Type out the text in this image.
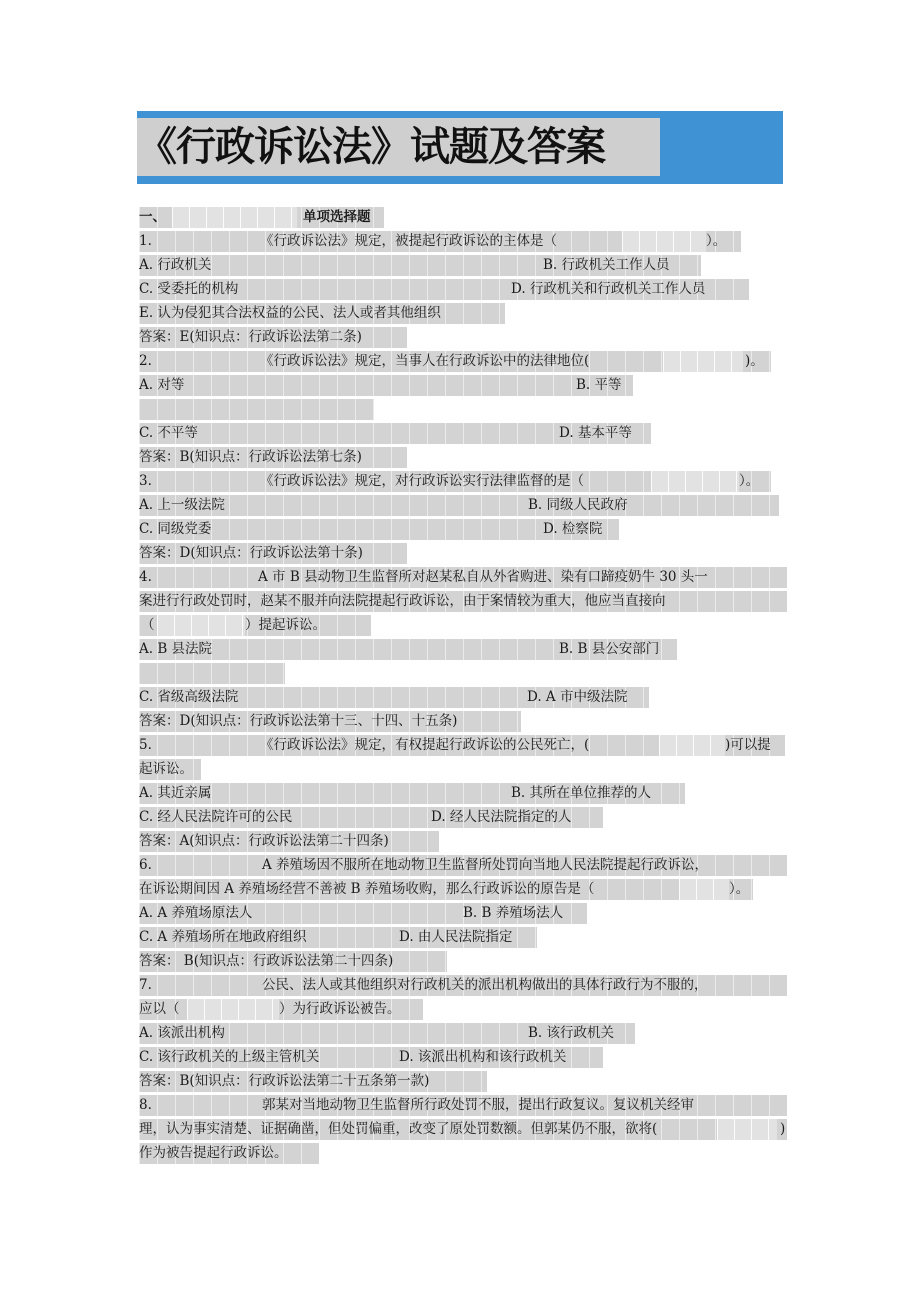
《行政诉讼法》试题及答案
一、	单项选择题
1.	《行政诉讼法》规定，被提起行政诉讼的主体是（	）。
A. 行政机关	B. 行政机关工作人员
C. 受委托的机构	D. 行政机关和行政机关工作人员
E. 认为侵犯其合法权益的公民、法人或者其他组织
答案：E(知识点：行政诉讼法第二条)
2.	《行政诉讼法》规定，当事人在行政诉讼中的法律地位(	)。
A. 对等	B. 平等
C. 不平等	D. 基本平等
答案：B(知识点：行政诉讼法第七条)
3.	《行政诉讼法》规定，对行政诉讼实行法律监督的是（	）。
A. 上一级法院	B. 同级人民政府
C. 同级党委	D. 检察院
答案：D(知识点：行政诉讼法第十条)
4.	A 市 B 县动物卫生监督所对赵某私自从外省购进、染有口蹄疫奶牛 30 头一
案进行行政处罚时，赵某不服并向法院提起行政诉讼，由于案情较为重大，他应当直接向
（	）提起诉讼。
A. B 县法院	B. B 县公安部门
C. 省级高级法院	D. A 市中级法院
答案：D(知识点：行政诉讼法第十三、十四、十五条)
5.	《行政诉讼法》规定，有权提起行政诉讼的公民死亡，(	)可以提
起诉讼。
A. 其近亲属	B. 其所在单位推荐的人
C. 经人民法院许可的公民	D. 经人民法院指定的人
答案：A(知识点：行政诉讼法第二十四条)
6.	A 养殖场因不服所在地动物卫生监督所处罚向当地人民法院提起行政诉讼，
在诉讼期间因 A 养殖场经营不善被 B 养殖场收购，那么行政诉讼的原告是（	）。
A. A 养殖场原法人	B. B 养殖场法人
C. A 养殖场所在地政府组织	D. 由人民法院指定
答案： B(知识点：行政诉讼法第二十四条)
7.	公民、法人或其他组织对行政机关的派出机构做出的具体行政行为不服的，
应以（	）为行政诉讼被告。
A. 该派出机构	B. 该行政机关
C. 该行政机关的上级主管机关	D. 该派出机构和该行政机关
答案：B(知识点：行政诉讼法第二十五条第一款)
8.	郭某对当地动物卫生监督所行政处罚不服，提出行政复议。复议机关经审
理，认为事实清楚、证据确凿，但处罚偏重，改变了原处罚数额。但郭某仍不服，欲将(	)
作为被告提起行政诉讼。
